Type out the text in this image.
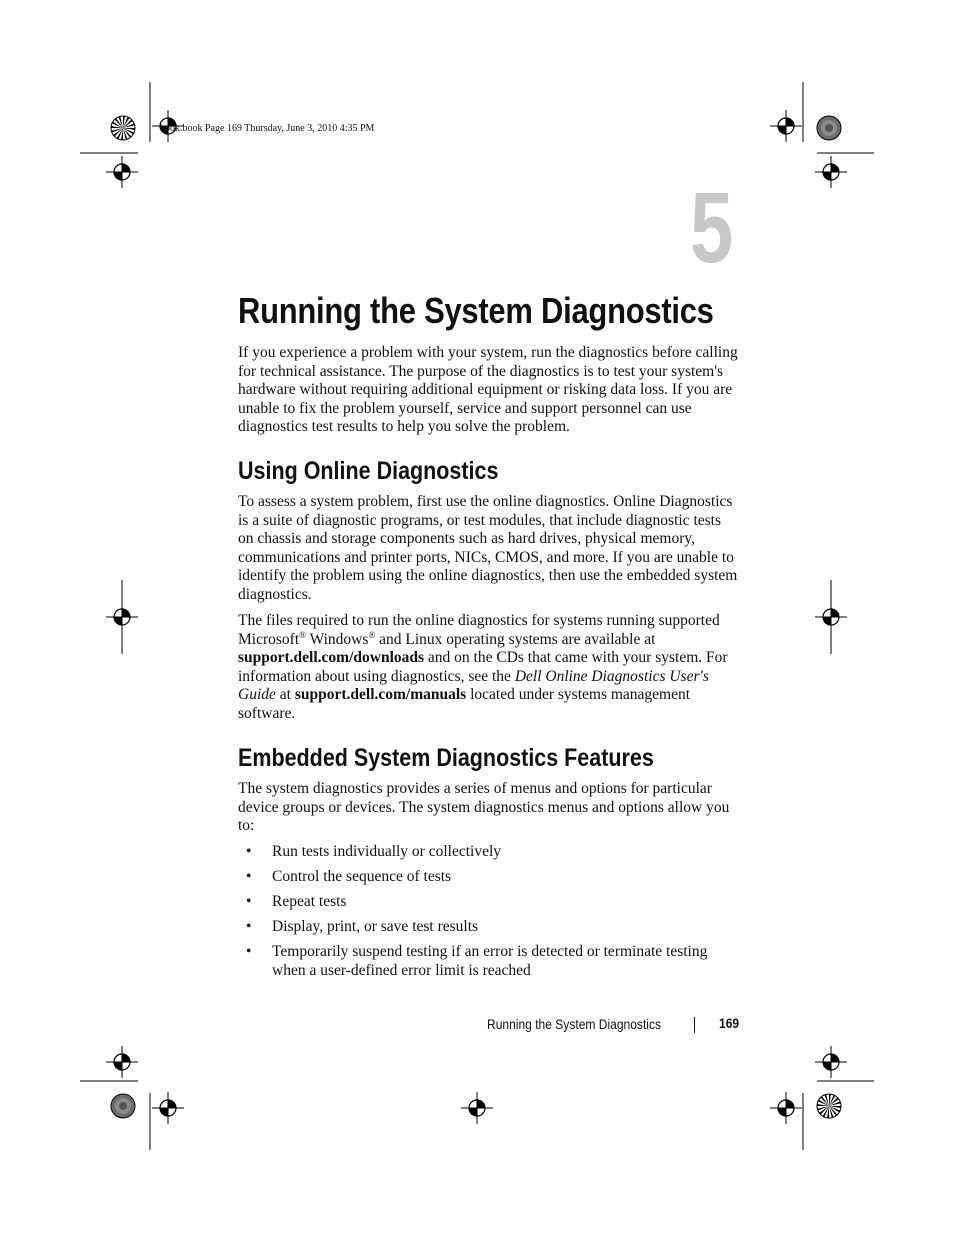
book.book Page 169 Thursday, June 3, 2010 4:35 PM
5
Running the System Diagnostics

If you experience a problem with your system, run the diagnostics before calling for technical assistance. The purpose of the diagnostics is to test your system's hardware without requiring additional equipment or risking data loss. If you are unable to fix the problem yourself, service and support personnel can use diagnostics test results to help you solve the problem.

Using Online Diagnostics

To assess a system problem, first use the online diagnostics. Online Diagnostics is a suite of diagnostic programs, or test modules, that include diagnostic tests on chassis and storage components such as hard drives, physical memory, communications and printer ports, NICs, CMOS, and more. If you are unable to identify the problem using the online diagnostics, then use the embedded system diagnostics.

The files required to run the online diagnostics for systems running supported Microsoft® Windows® and Linux operating systems are available at support.dell.com/downloads and on the CDs that came with your system. For information about using diagnostics, see the Dell Online Diagnostics User's Guide at support.dell.com/manuals located under systems management software.

Embedded System Diagnostics Features

The system diagnostics provides a series of menus and options for particular device groups or devices. The system diagnostics menus and options allow you to:

• Run tests individually or collectively
• Control the sequence of tests
• Repeat tests
• Display, print, or save test results
• Temporarily suspend testing if an error is detected or terminate testing when a user-defined error limit is reached
Running the System Diagnostics	169
